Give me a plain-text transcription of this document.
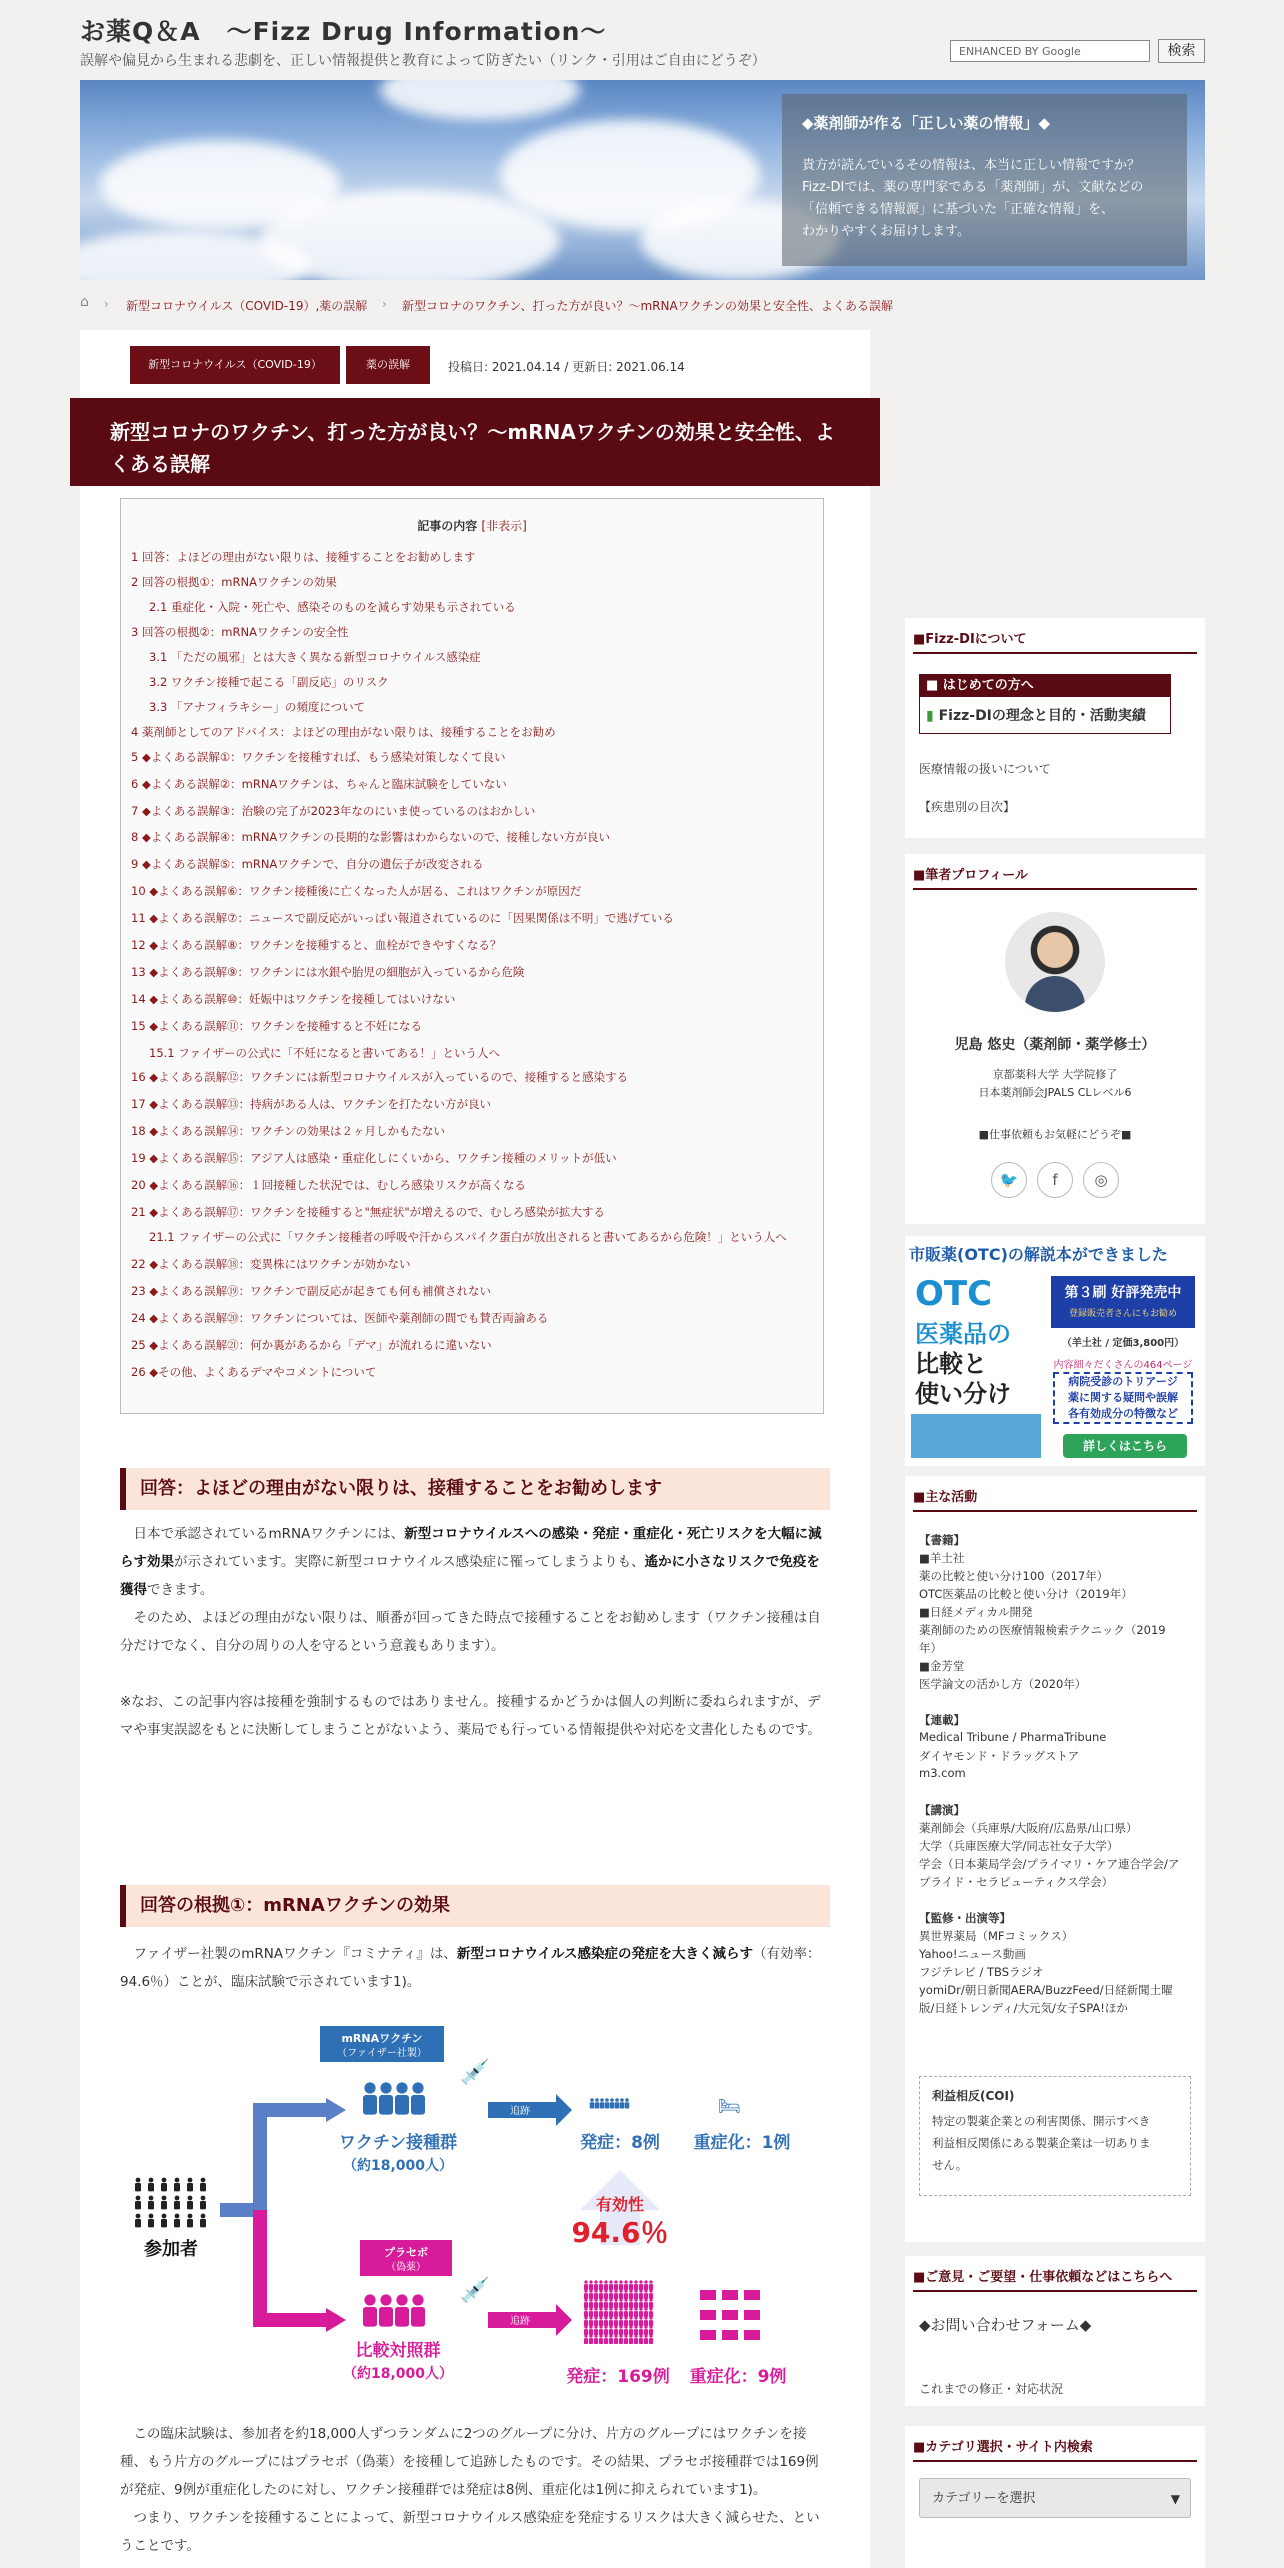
お薬Q＆A　〜Fizz Drug Information〜
誤解や偏見から生まれる悲劇を、正しい情報提供と教育によって防ぎたい（リンク・引用はご自由にどうぞ）
ENHANCED BY Google	検索
◆薬剤師が作る「正しい薬の情報」◆

貴方が読んでいるその情報は、本当に正しい情報ですか？

Fizz-DIでは、薬の専門家である「薬剤師」が、文献などの

「信頼できる情報源」に基づいた「正確な情報」を、

わかりやすくお届けします。

⌂ › 新型コロナウイルス（COVID-19）,薬の誤解 › 新型コロナのワクチン、打った方が良い？～mRNAワクチンの効果と安全性、よくある誤解
新型コロナウイルス（COVID-19）	薬の誤解	投稿日: 2021.04.14 / 更新日: 2021.06.14
新型コロナのワクチン、打った方が良い？～mRNAワクチンの効果と安全性、よくある誤解
記事の内容 [非表示]
1 回答：よほどの理由がない限りは、接種することをお勧めします
2 回答の根拠①：mRNAワクチンの効果
2.1 重症化・入院・死亡や、感染そのものを減らす効果も示されている
3 回答の根拠②：mRNAワクチンの安全性
3.1 「ただの風邪」とは大きく異なる新型コロナウイルス感染症
3.2 ワクチン接種で起こる「副反応」のリスク
3.3 「アナフィラキシー」の頻度について
4 薬剤師としてのアドバイス：よほどの理由がない限りは、接種することをお勧め
5 ◆よくある誤解①：ワクチンを接種すれば、もう感染対策しなくて良い
6 ◆よくある誤解②：mRNAワクチンは、ちゃんと臨床試験をしていない
7 ◆よくある誤解③：治験の完了が2023年なのにいま使っているのはおかしい
8 ◆よくある誤解④：mRNAワクチンの長期的な影響はわからないので、接種しない方が良い
9 ◆よくある誤解⑤：mRNAワクチンで、自分の遺伝子が改変される
10 ◆よくある誤解⑥：ワクチン接種後に亡くなった人が居る、これはワクチンが原因だ
11 ◆よくある誤解⑦：ニュースで副反応がいっぱい報道されているのに「因果関係は不明」で逃げている
12 ◆よくある誤解⑧：ワクチンを接種すると、血栓ができやすくなる？
13 ◆よくある誤解⑨：ワクチンには水銀や胎児の細胞が入っているから危険
14 ◆よくある誤解⑩：妊娠中はワクチンを接種してはいけない
15 ◆よくある誤解⑪：ワクチンを接種すると不妊になる
15.1 ファイザーの公式に「不妊になると書いてある！」という人へ
16 ◆よくある誤解⑫：ワクチンには新型コロナウイルスが入っているので、接種すると感染する
17 ◆よくある誤解⑬：持病がある人は、ワクチンを打たない方が良い
18 ◆よくある誤解⑭：ワクチンの効果は２ヶ月しかもたない
19 ◆よくある誤解⑮：アジア人は感染・重症化しにくいから、ワクチン接種のメリットが低い
20 ◆よくある誤解⑯：１回接種した状況では、むしろ感染リスクが高くなる
21 ◆よくある誤解⑰：ワクチンを接種すると"無症状"が増えるので、むしろ感染が拡大する
21.1 ファイザーの公式に「ワクチン接種者の呼吸や汗からスパイク蛋白が放出されると書いてあるから危険！」という人へ
22 ◆よくある誤解⑱：変異株にはワクチンが効かない
23 ◆よくある誤解⑲：ワクチンで副反応が起きても何も補償されない
24 ◆よくある誤解⑳：ワクチンについては、医師や薬剤師の間でも賛否両論ある
25 ◆よくある誤解㉑：何か裏があるから「デマ」が流れるに違いない
26 ◆その他、よくあるデマやコメントについて
回答：よほどの理由がない限りは、接種することをお勧めします
　日本で承認されているmRNAワクチンには、新型コロナウイルスへの感染・発症・重症化・死亡リスクを大幅に減らす効果が示されています。実際に新型コロナウイルス感染症に罹ってしまうよりも、遙かに小さなリスクで免疫を獲得できます。
　そのため、よほどの理由がない限りは、順番が回ってきた時点で接種することをお勧めします（ワクチン接種は自分だけでなく、自分の周りの人を守るという意義もあります）。
※なお、この記事内容は接種を強制するものではありません。接種するかどうかは個人の判断に委ねられますが、デマや事実誤認をもとに決断してしまうことがないよう、薬局でも行っている情報提供や対応を文書化したものです。
回答の根拠①：mRNAワクチンの効果
　ファイザー社製のmRNAワクチン『コミナティ』は、新型コロナウイルス感染症の発症を大きく減らす（有効率：94.6％）ことが、臨床試験で示されています1)。
参加者
mRNAワクチン
（ファイザー社製）
💉
ワクチン接種群
（約18,000人）
追跡
追跡
発症：8例
🛏
重症化：1例
有効性
94.6％
プラセボ
（偽薬）
💉
比較対照群
（約18,000人）	発症：169例 重症化：9例
　この臨床試験は、参加者を約18,000人ずつランダムに2つのグループに分け、片方のグループにはワクチンを接種、もう片方のグループにはプラセボ（偽薬）を接種して追跡したものです。その結果、プラセボ接種群では169例が発症、9例が重症化したのに対し、ワクチン接種群では発症は8例、重症化は1例に抑えられています1)。
　つまり、ワクチンを接種することによって、新型コロナウイルス感染症を発症するリスクは大きく減らせた、ということです。
■Fizz-DIについて
■ はじめての方へ
▮ Fizz-DIの理念と目的・活動実績
医療情報の扱いについて
【疾患別の目次】
■筆者プロフィール
児島 悠史（薬剤師・薬学修士）
京都薬科大学 大学院修了
日本薬剤師会JPALS CLレベル6
■仕事依頼もお気軽にどうぞ■
🐦	f	◎
市販薬(OTC)の解説本ができました
OTC
医薬品の
比較と
使い分け
第３刷 好評発売中
登録販売者さんにもお勧め
（羊土社 / 定価3,800円）
内容細々だくさんの464ページ
病院受診のトリアージ
薬に関する疑問や誤解
各有効成分の特徴など
詳しくはこちら
■主な活動
【書籍】
■羊土社
薬の比較と使い分け100（2017年）
OTC医薬品の比較と使い分け（2019年）
■日経メディカル開発
薬剤師のための医療情報検索テクニック（2019
年）
■金芳堂
医学論文の活かし方（2020年）
【連載】
Medical Tribune / PharmaTribune
ダイヤモンド・ドラッグストア
m3.com
【講演】
薬剤師会（兵庫県/大阪府/広島県/山口県）
大学（兵庫医療大学/同志社女子大学）
学会（日本薬局学会/プライマリ・ケア連合学会/ア
プライド・セラピューティクス学会）
【監修・出演等】
異世界薬局（MFコミックス）
Yahoo!ニュース動画
フジテレビ / TBSラジオ
yomiDr/朝日新聞AERA/BuzzFeed/日経新聞土曜
版/日経トレンディ/大元気/女子SPA!ほか
利益相反(COI)
特定の製薬企業との利害関係、開示すべき
利益相反関係にある製薬企業は一切ありま
せん。
■ご意見・ご要望・仕事依頼などはこちらへ
◆お問い合わせフォーム◆
これまでの修正・対応状況
■カテゴリ選択・サイト内検索
カテゴリーを選択	▼
